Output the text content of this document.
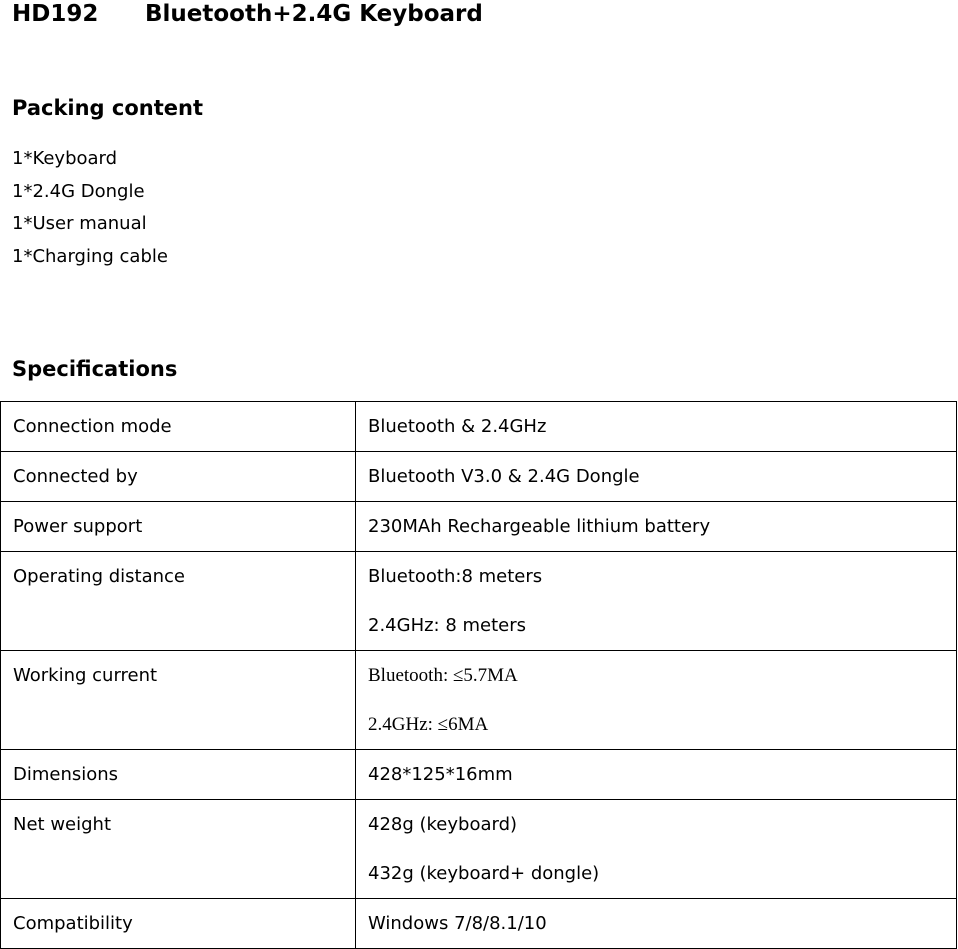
HD192 Bluetooth+2.4G Keyboard
Packing content
1*Keyboard
1*2.4G Dongle
1*User manual
1*Charging cable
Specifications
Connection mode	Bluetooth & 2.4GHz

Connected by	Bluetooth V3.0 & 2.4G Dongle

Power support	230MAh Rechargeable lithium battery

Operating distance	Bluetooth:8 meters
2.4GHz: 8 meters

Working current	Bluetooth: ≤5.7MA
2.4GHz: ≤6MA

Dimensions	428*125*16mm

Net weight	428g (keyboard)
432g (keyboard+ dongle)

Compatibility	Windows 7/8/8.1/10
